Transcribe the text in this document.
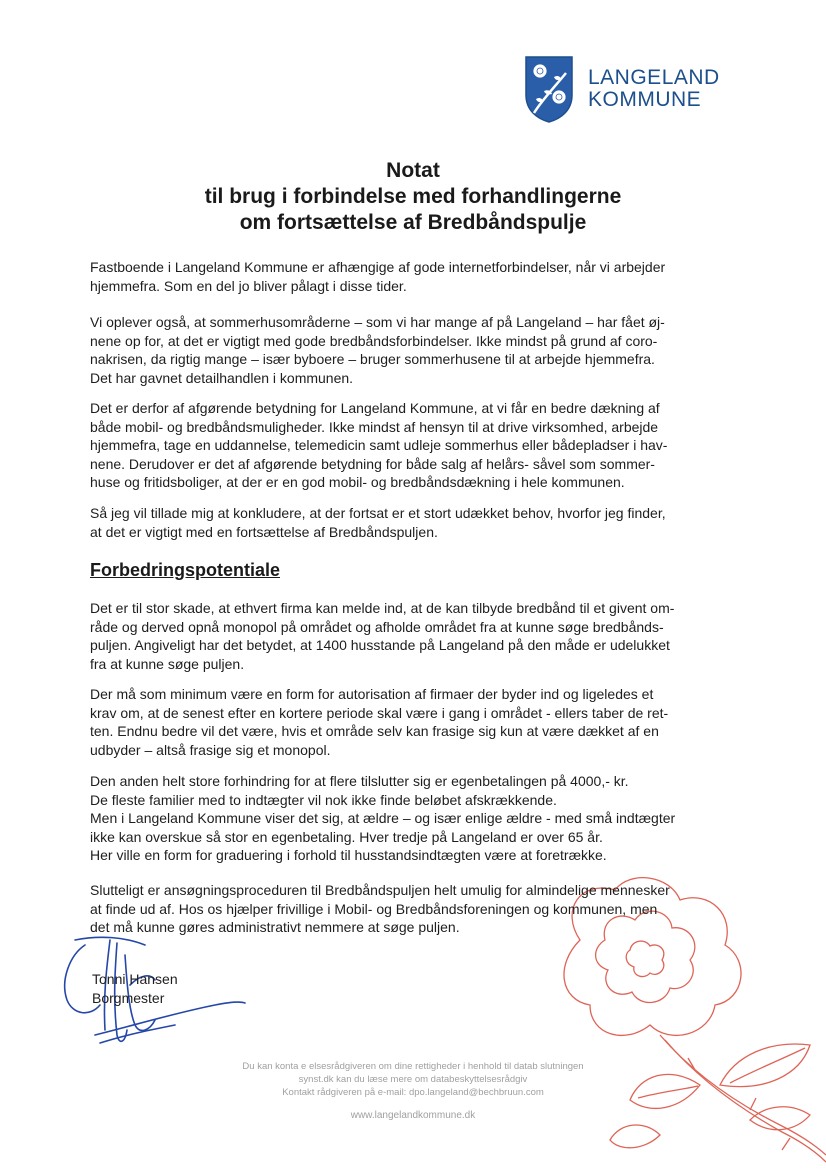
LANGELAND
KOMMUNE
Notat
til brug i forbindelse med forhandlingerne
om fortsættelse af Bredbåndspulje
Fastboende i Langeland Kommune er afhængige af gode internetforbindelser, når vi arbejder
hjemmefra. Som en del jo bliver pålagt i disse tider.
Vi oplever også, at sommerhusområderne – som vi har mange af på Langeland – har fået øj-
nene op for, at det er vigtigt med gode bredbåndsforbindelser. Ikke mindst på grund af coro-
nakrisen, da rigtig mange – især byboere – bruger sommerhusene til at arbejde hjemmefra.
Det har gavnet detailhandlen i kommunen.
Det er derfor af afgørende betydning for Langeland Kommune, at vi får en bedre dækning af
både mobil- og bredbåndsmuligheder. Ikke mindst af hensyn til at drive virksomhed, arbejde
hjemmefra, tage en uddannelse, telemedicin samt udleje sommerhus eller bådepladser i hav-
nene. Derudover er det af afgørende betydning for både salg af helårs- såvel som sommer-
huse og fritidsboliger, at der er en god mobil- og bredbåndsdækning i hele kommunen.
Så jeg vil tillade mig at konkludere, at der fortsat er et stort udækket behov, hvorfor jeg finder,
at det er vigtigt med en fortsættelse af Bredbåndspuljen.
Forbedringspotentiale
Det er til stor skade, at ethvert firma kan melde ind, at de kan tilbyde bredbånd til et givent om-
råde og derved opnå monopol på området og afholde området fra at kunne søge bredbånds-
puljen. Angiveligt har det betydet, at 1400 husstande på Langeland på den måde er udelukket
fra at kunne søge puljen.
Der må som minimum være en form for autorisation af firmaer der byder ind og ligeledes et
krav om, at de senest efter en kortere periode skal være i gang i området - ellers taber de ret-
ten. Endnu bedre vil det være, hvis et område selv kan frasige sig kun at være dækket af en
udbyder – altså frasige sig et monopol.
Den anden helt store forhindring for at flere tilslutter sig er egenbetalingen på 4000,- kr.
De fleste familier med to indtægter vil nok ikke finde beløbet afskrækkende.
Men i Langeland Kommune viser det sig, at ældre – og især enlige ældre - med små indtægter
ikke kan overskue så stor en egenbetaling. Hver tredje på Langeland er over 65 år.
Her ville en form for graduering i forhold til husstandsindtægten være at foretrække.
Slutteligt er ansøgningsproceduren til Bredbåndspuljen helt umulig for almindelige mennesker
at finde ud af. Hos os hjælper frivillige i Mobil- og Bredbåndsforeningen og kommunen, men
det må kunne gøres administrativt nemmere at søge puljen.
Tonni Hansen
Borgmester
Du kan konta e elsesrådgiveren om dine rettigheder i henhold til datab slutningen
synst.dk kan du læse mere om databeskyttelsesrådgiv
Kontakt rådgiveren på e-mail: dpo.langeland@bechbruun.com
www.langelandkommune.dk
